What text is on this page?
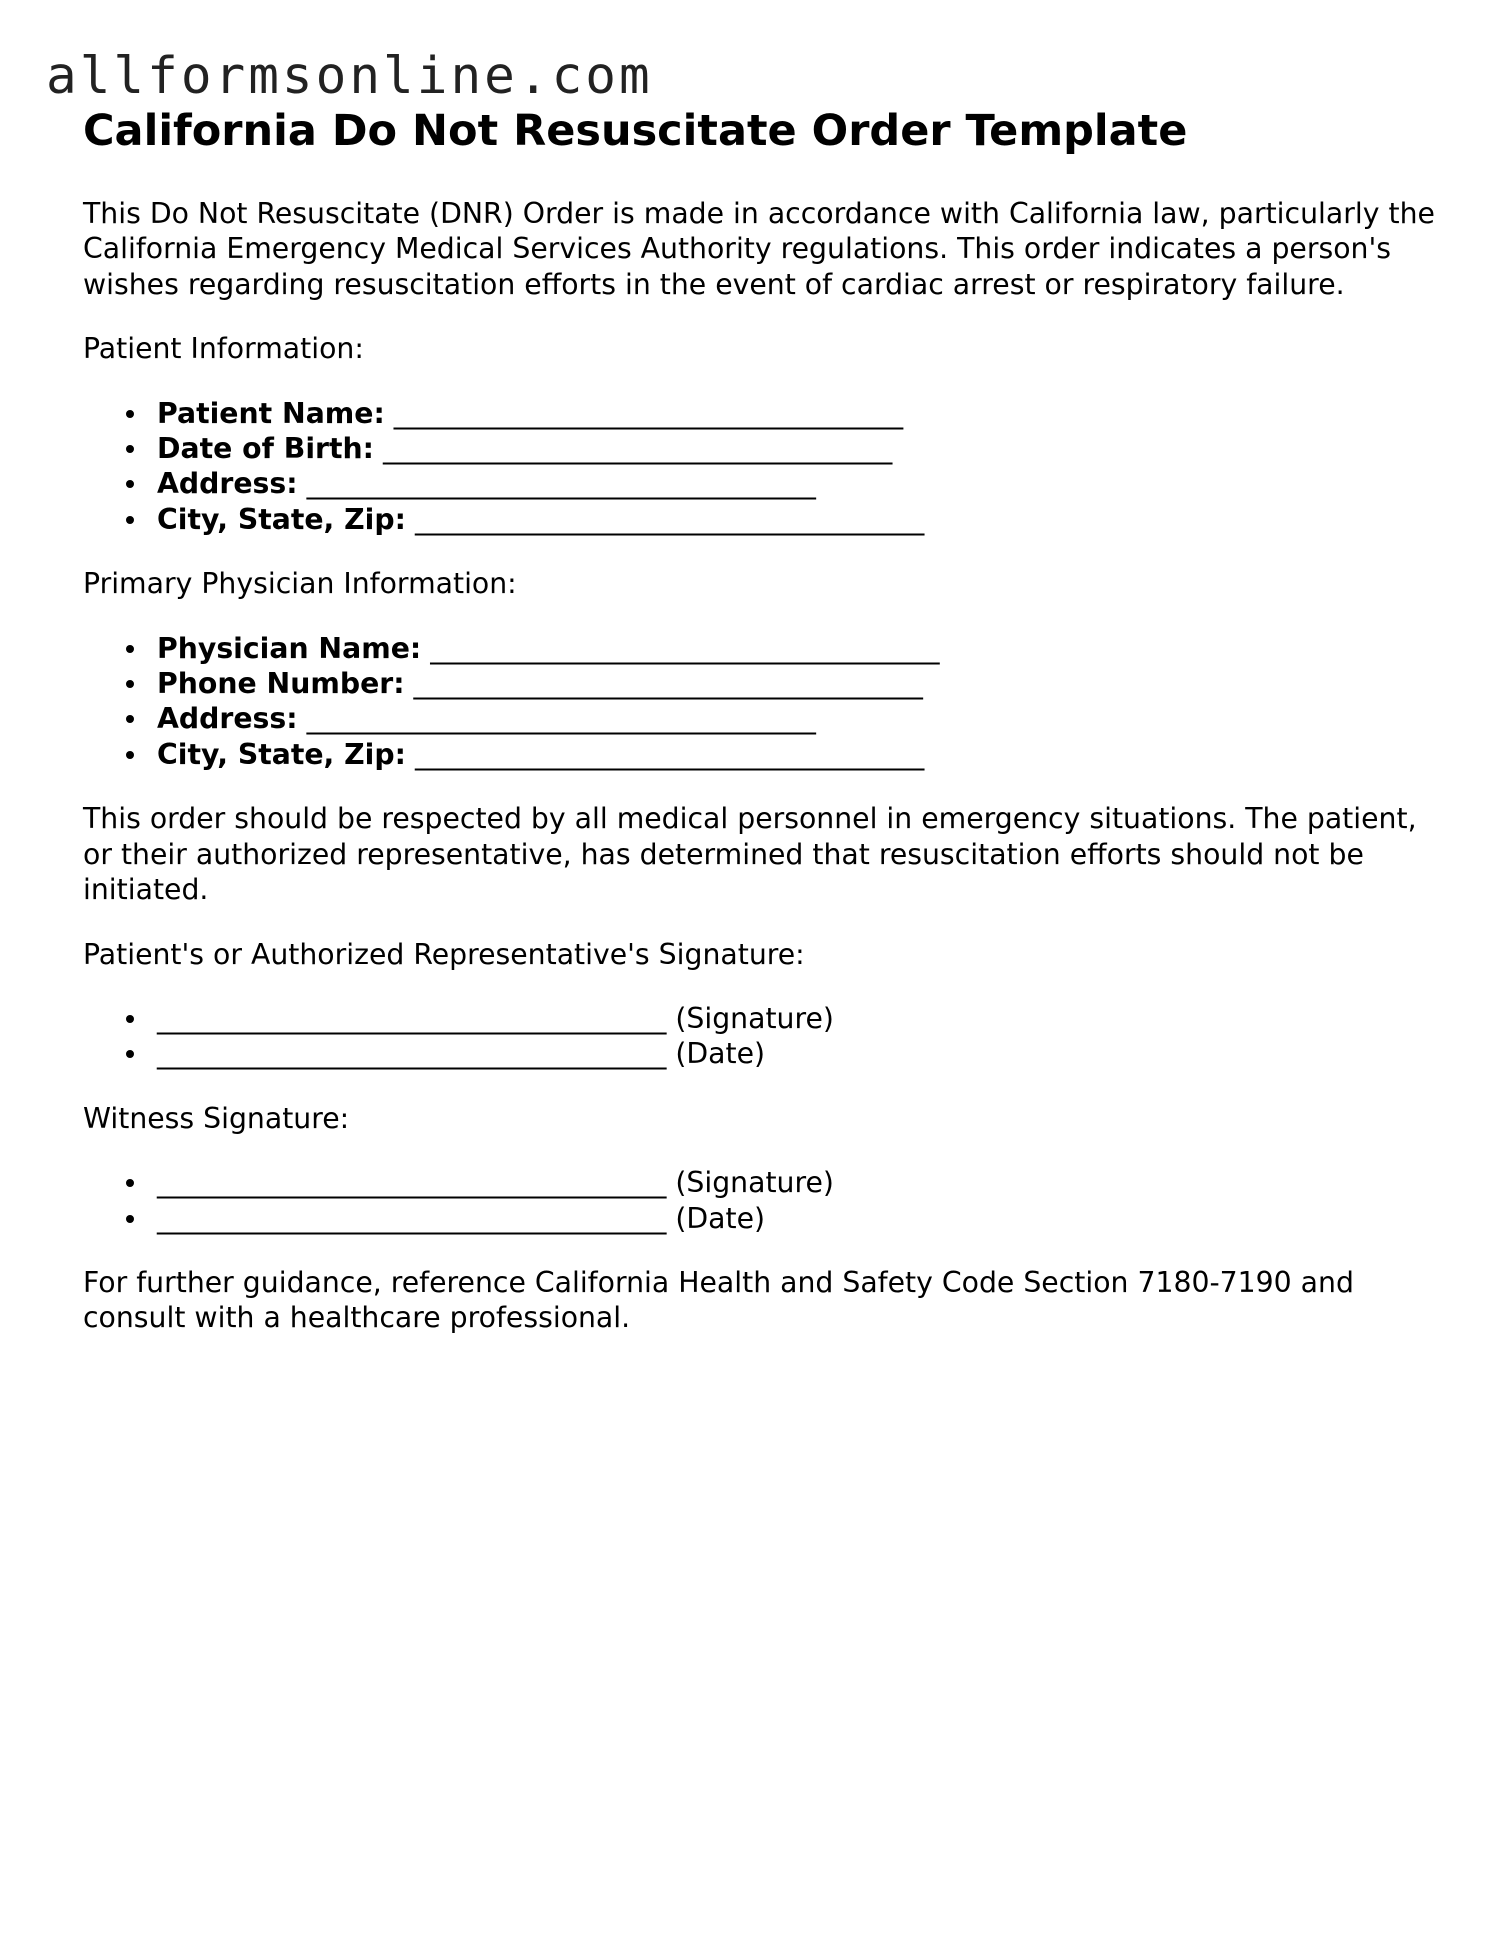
allformsonline.com
California Do Not Resuscitate Order Template

This Do Not Resuscitate (DNR) Order is made in accordance with California law, particularly the California Emergency Medical Services Authority regulations. This order indicates a person's wishes regarding resuscitation efforts in the event of cardiac arrest or respiratory failure.

Patient Information:

Patient Name: ____________________________________
Date of Birth: ____________________________________
Address: ____________________________________
City, State, Zip: ____________________________________

Primary Physician Information:

Physician Name: ____________________________________
Phone Number: ____________________________________
Address: ____________________________________
City, State, Zip: ____________________________________

This order should be respected by all medical personnel in emergency situations. The patient, or their authorized representative, has determined that resuscitation efforts should not be initiated.

Patient's or Authorized Representative's Signature:

____________________________________ (Signature)
____________________________________ (Date)

Witness Signature:

____________________________________ (Signature)
____________________________________ (Date)

For further guidance, reference California Health and Safety Code Section 7180-7190 and consult with a healthcare professional.
